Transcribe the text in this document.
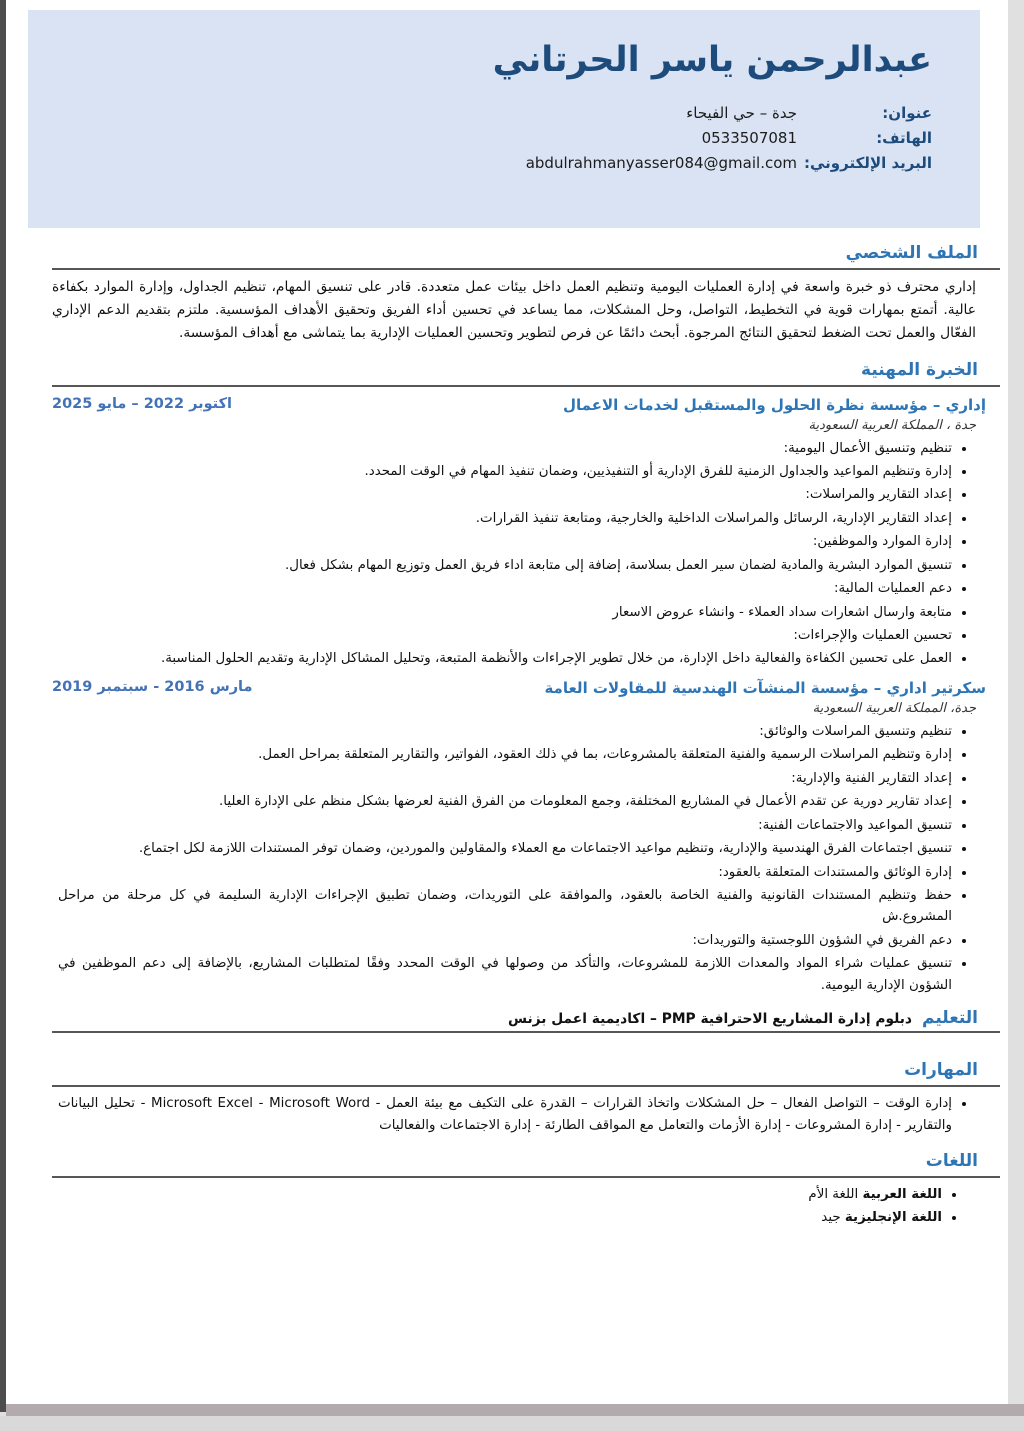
عبدالرحمن ياسر الحرتاني
عنوان:
جدة – حي الفيحاء
الهاتف:
0533507081
البريد الإلكتروني:
abdulrahmanyasser084@gmail.com
الملف الشخصي

إداري محترف ذو خبرة واسعة في إدارة العمليات اليومية وتنظيم العمل داخل بيئات عمل متعددة. قادر على تنسيق المهام، تنظيم الجداول، وإدارة الموارد بكفاءة عالية. أتمتع بمهارات قوية في التخطيط، التواصل، وحل المشكلات، مما يساعد في تحسين أداء الفريق وتحقيق الأهداف المؤسسية. ملتزم بتقديم الدعم الإداري الفعّال والعمل تحت الضغط لتحقيق النتائج المرجوة. أبحث دائمًا عن فرص لتطوير وتحسين العمليات الإدارية بما يتماشى مع أهداف المؤسسة.

الخبرة المهنية
إداري – مؤسسة نظرة الحلول والمستقبل لخدمات الاعمال
اكتوبر 2022 – مايو 2025
جدة ، المملكة العربية السعودية
• تنظيم وتنسيق الأعمال اليومية:
• إدارة وتنظيم المواعيد والجداول الزمنية للفرق الإدارية أو التنفيذيين، وضمان تنفيذ المهام في الوقت المحدد.
• إعداد التقارير والمراسلات:
• إعداد التقارير الإدارية، الرسائل والمراسلات الداخلية والخارجية، ومتابعة تنفيذ القرارات.
• إدارة الموارد والموظفين:
• تنسيق الموارد البشرية والمادية لضمان سير العمل بسلاسة، إضافة إلى متابعة اداء فريق العمل وتوزيع المهام بشكل فعال.
• دعم العمليات المالية:
• متابعة وارسال اشعارات سداد العملاء - وانشاء عروض الاسعار
• تحسين العمليات والإجراءات:
• العمل على تحسين الكفاءة والفعالية داخل الإدارة، من خلال تطوير الإجراءات والأنظمة المتبعة، وتحليل المشاكل الإدارية وتقديم الحلول المناسبة.
سكرتير اداري – مؤسسة المنشآت الهندسية للمقاولات العامة
مارس 2016 - سبتمبر 2019
جدة، المملكة العربية السعودية
• تنظيم وتنسيق المراسلات والوثائق:
• إدارة وتنظيم المراسلات الرسمية والفنية المتعلقة بالمشروعات، بما في ذلك العقود، الفواتير، والتقارير المتعلقة بمراحل العمل.
• إعداد التقارير الفنية والإدارية:
• إعداد تقارير دورية عن تقدم الأعمال في المشاريع المختلفة، وجمع المعلومات من الفرق الفنية لعرضها بشكل منظم على الإدارة العليا.
• تنسيق المواعيد والاجتماعات الفنية:
• تنسيق اجتماعات الفرق الهندسية والإدارية، وتنظيم مواعيد الاجتماعات مع العملاء والمقاولين والموردين، وضمان توفر المستندات اللازمة لكل اجتماع.
• إدارة الوثائق والمستندات المتعلقة بالعقود:
• حفظ وتنظيم المستندات القانونية والفنية الخاصة بالعقود، والموافقة على التوريدات، وضمان تطبيق الإجراءات الإدارية السليمة في كل مرحلة من مراحل المشروع.ش
• دعم الفريق في الشؤون اللوجستية والتوريدات:
• تنسيق عمليات شراء المواد والمعدات اللازمة للمشروعات، والتأكد من وصولها في الوقت المحدد وفقًا لمتطلبات المشاريع، بالإضافة إلى دعم الموظفين في الشؤون الإدارية اليومية.
التعليم
دبلوم إدارة المشاريع الاحترافية PMP – اكاديمية اعمل بزنس
المهارات
• إدارة الوقت – التواصل الفعال – حل المشكلات واتخاذ القرارات – القدرة على التكيف مع بيئة العمل - Microsoft Excel - Microsoft Word - تحليل البيانات والتقارير - إدارة المشروعات - إدارة الأزمات والتعامل مع المواقف الطارئة - إدارة الاجتماعات والفعاليات
اللغات
• اللغة العربية اللغة الأم
• اللغة الإنجليزية جيد
